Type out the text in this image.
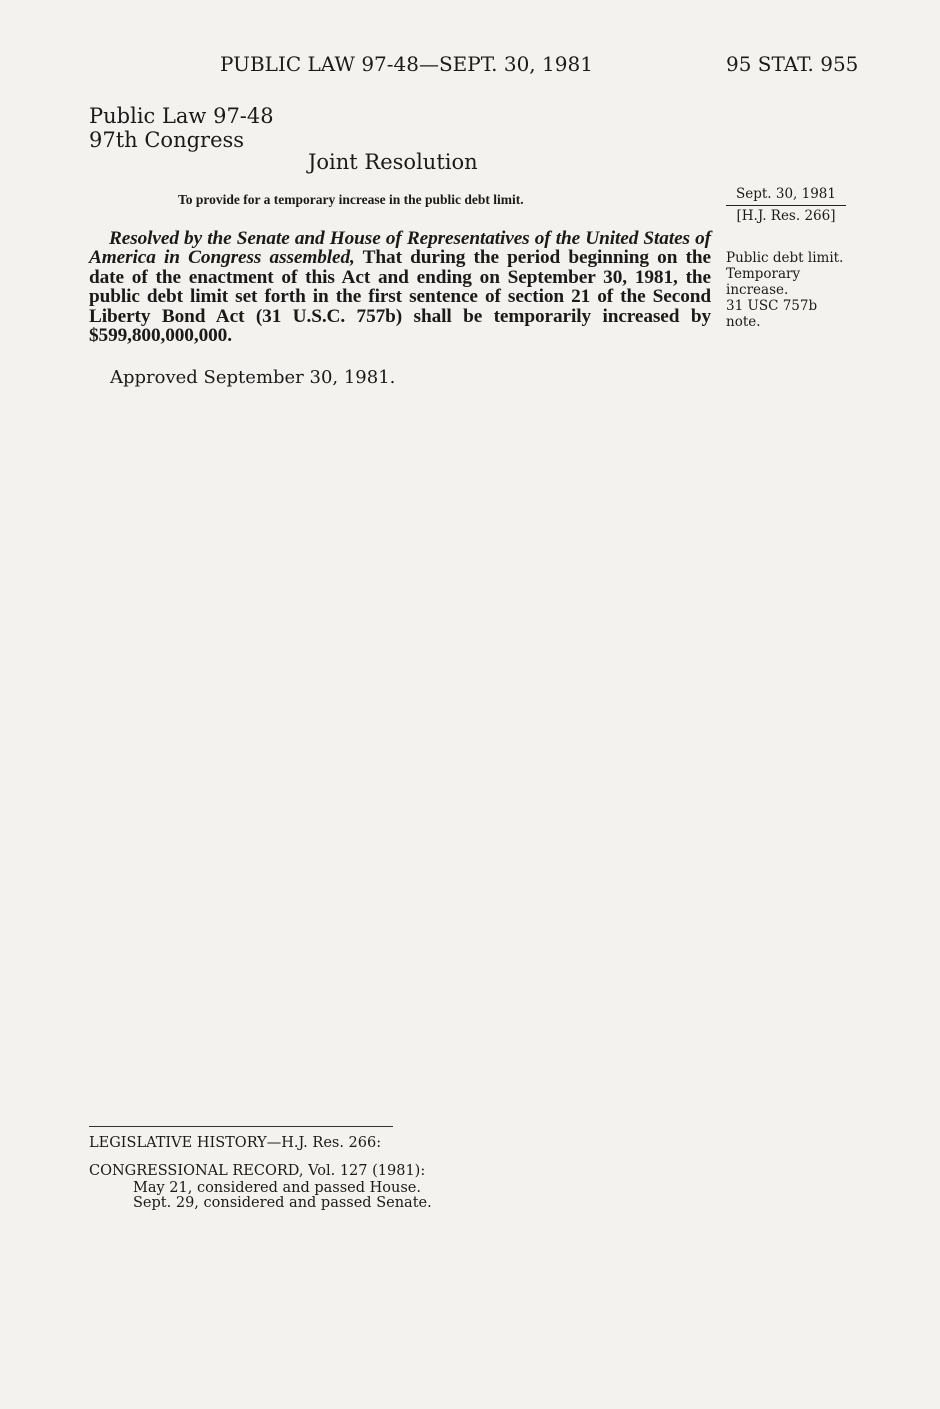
PUBLIC LAW 97-48—SEPT. 30, 1981	95 STAT. 955
Public Law 97-48
97th Congress
Joint Resolution
To provide for a temporary increase in the public debt limit.	Sept. 30, 1981
[H.J. Res. 266]
Resolved by the Senate and House of Representatives of the United States of America in Congress assembled, That during the period beginning on the date of the enactment of this Act and ending on September 30, 1981, the public debt limit set forth in the first sentence of section 21 of the Second Liberty Bond Act (31 U.S.C. 757b) shall be temporarily increased by $599,800,000,000.
Public debt limit.
Temporary
increase.
31 USC 757b
note.
Approved September 30, 1981.
LEGISLATIVE HISTORY—H.J. Res. 266:
CONGRESSIONAL RECORD, Vol. 127 (1981):
May 21, considered and passed House.
Sept. 29, considered and passed Senate.
